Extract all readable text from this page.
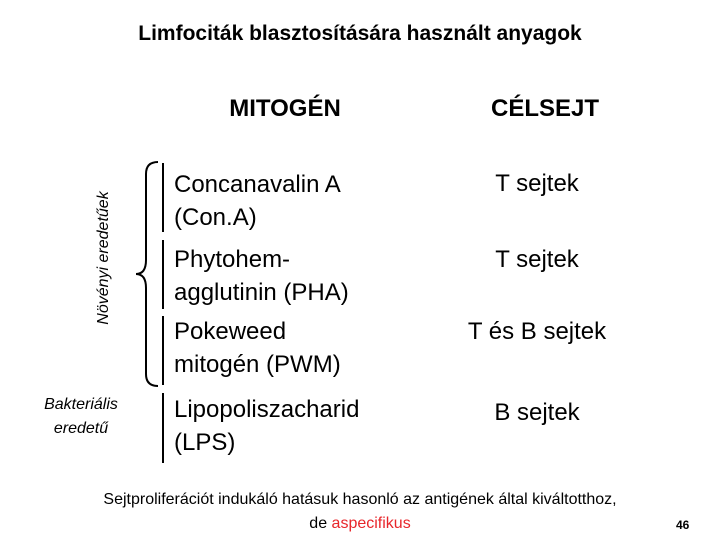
Limfociták blasztosítására használt anyagok
MITOGÉN	CÉLSEJT
Növényi eredetűek
Bakteriális
eredetű
Concanavalin A
(Con.A)
T sejtek
Phytohem-
agglutinin (PHA)
T sejtek
Pokeweed
mitogén (PWM)
T és B sejtek
Lipopoliszacharid
(LPS)
B sejtek
Sejtproliferációt indukáló hatásuk hasonló az antigének által kiváltotthoz,
de aspecifikus	46
